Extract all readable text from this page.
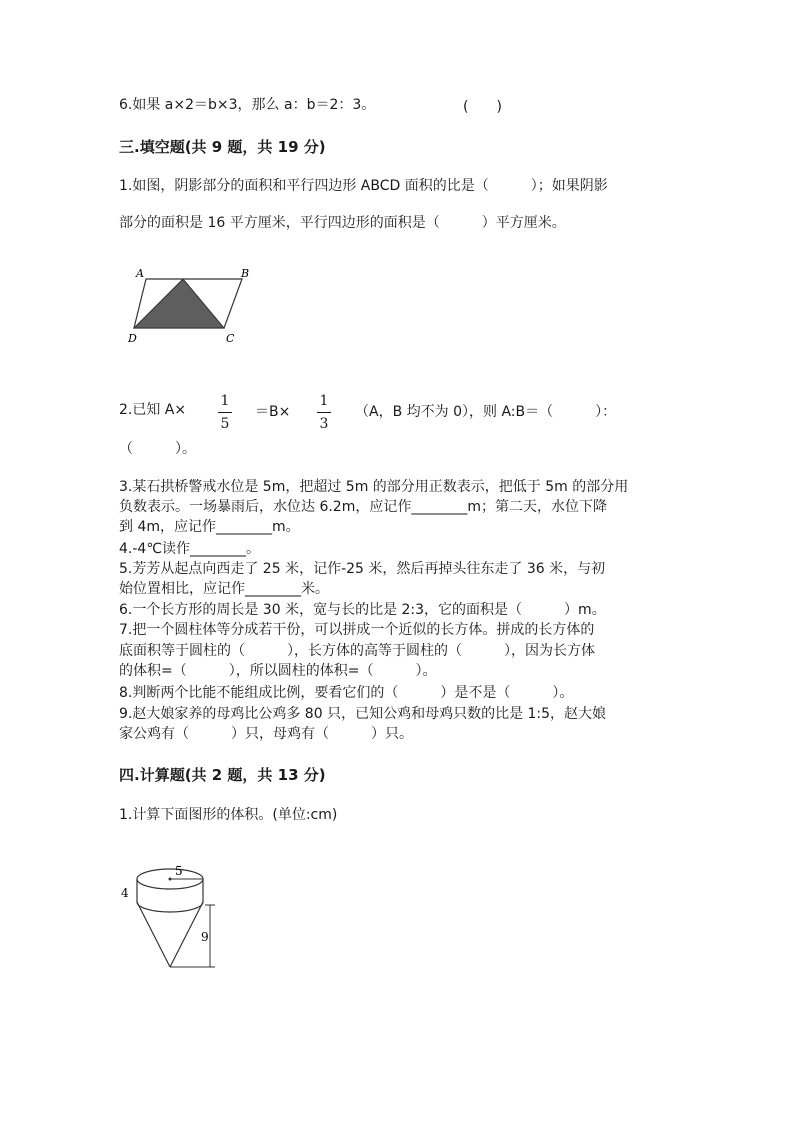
6.如果 a×2＝b×3，那么 a：b＝2：3。	(　　)
三.填空题(共 9 题，共 19 分)
1.如图，阴影部分的面积和平行四边形 ABCD 面积的比是（　　　）；如果阴影
部分的面积是 16 平方厘米，平行四边形的面积是（　　　）平方厘米。
A	B
D	C
2.已知 A×
1
5
＝B×
1
3
（A，B 均不为 0），则 A:B＝（　　　）：
（　　　）。
3.某石拱桥警戒水位是 5m，把超过 5m 的部分用正数表示，把低于 5m 的部分用
负数表示。一场暴雨后，水位达 6.2m，应记作________m；第二天，水位下降
到 4m，应记作________m。
4.-4℃读作________。
5.芳芳从起点向西走了 25 米，记作-25 米，然后再掉头往东走了 36 米，与初
始位置相比，应记作________米。
6.一个长方形的周长是 30 米，宽与长的比是 2:3，它的面积是（　　　）m。
7.把一个圆柱体等分成若干份，可以拼成一个近似的长方体。拼成的长方体的
底面积等于圆柱的（　　　），长方体的高等于圆柱的（　　　），因为长方体
的体积=（　　　），所以圆柱的体积=（　　　）。
8.判断两个比能不能组成比例，要看它们的（　　　）是不是（　　　）。
9.赵大娘家养的母鸡比公鸡多 80 只，已知公鸡和母鸡只数的比是 1:5，赵大娘
家公鸡有（　　　）只，母鸡有（　　　）只。
四.计算题(共 2 题，共 13 分)
1.计算下面图形的体积。(单位:cm)
5
4
9
